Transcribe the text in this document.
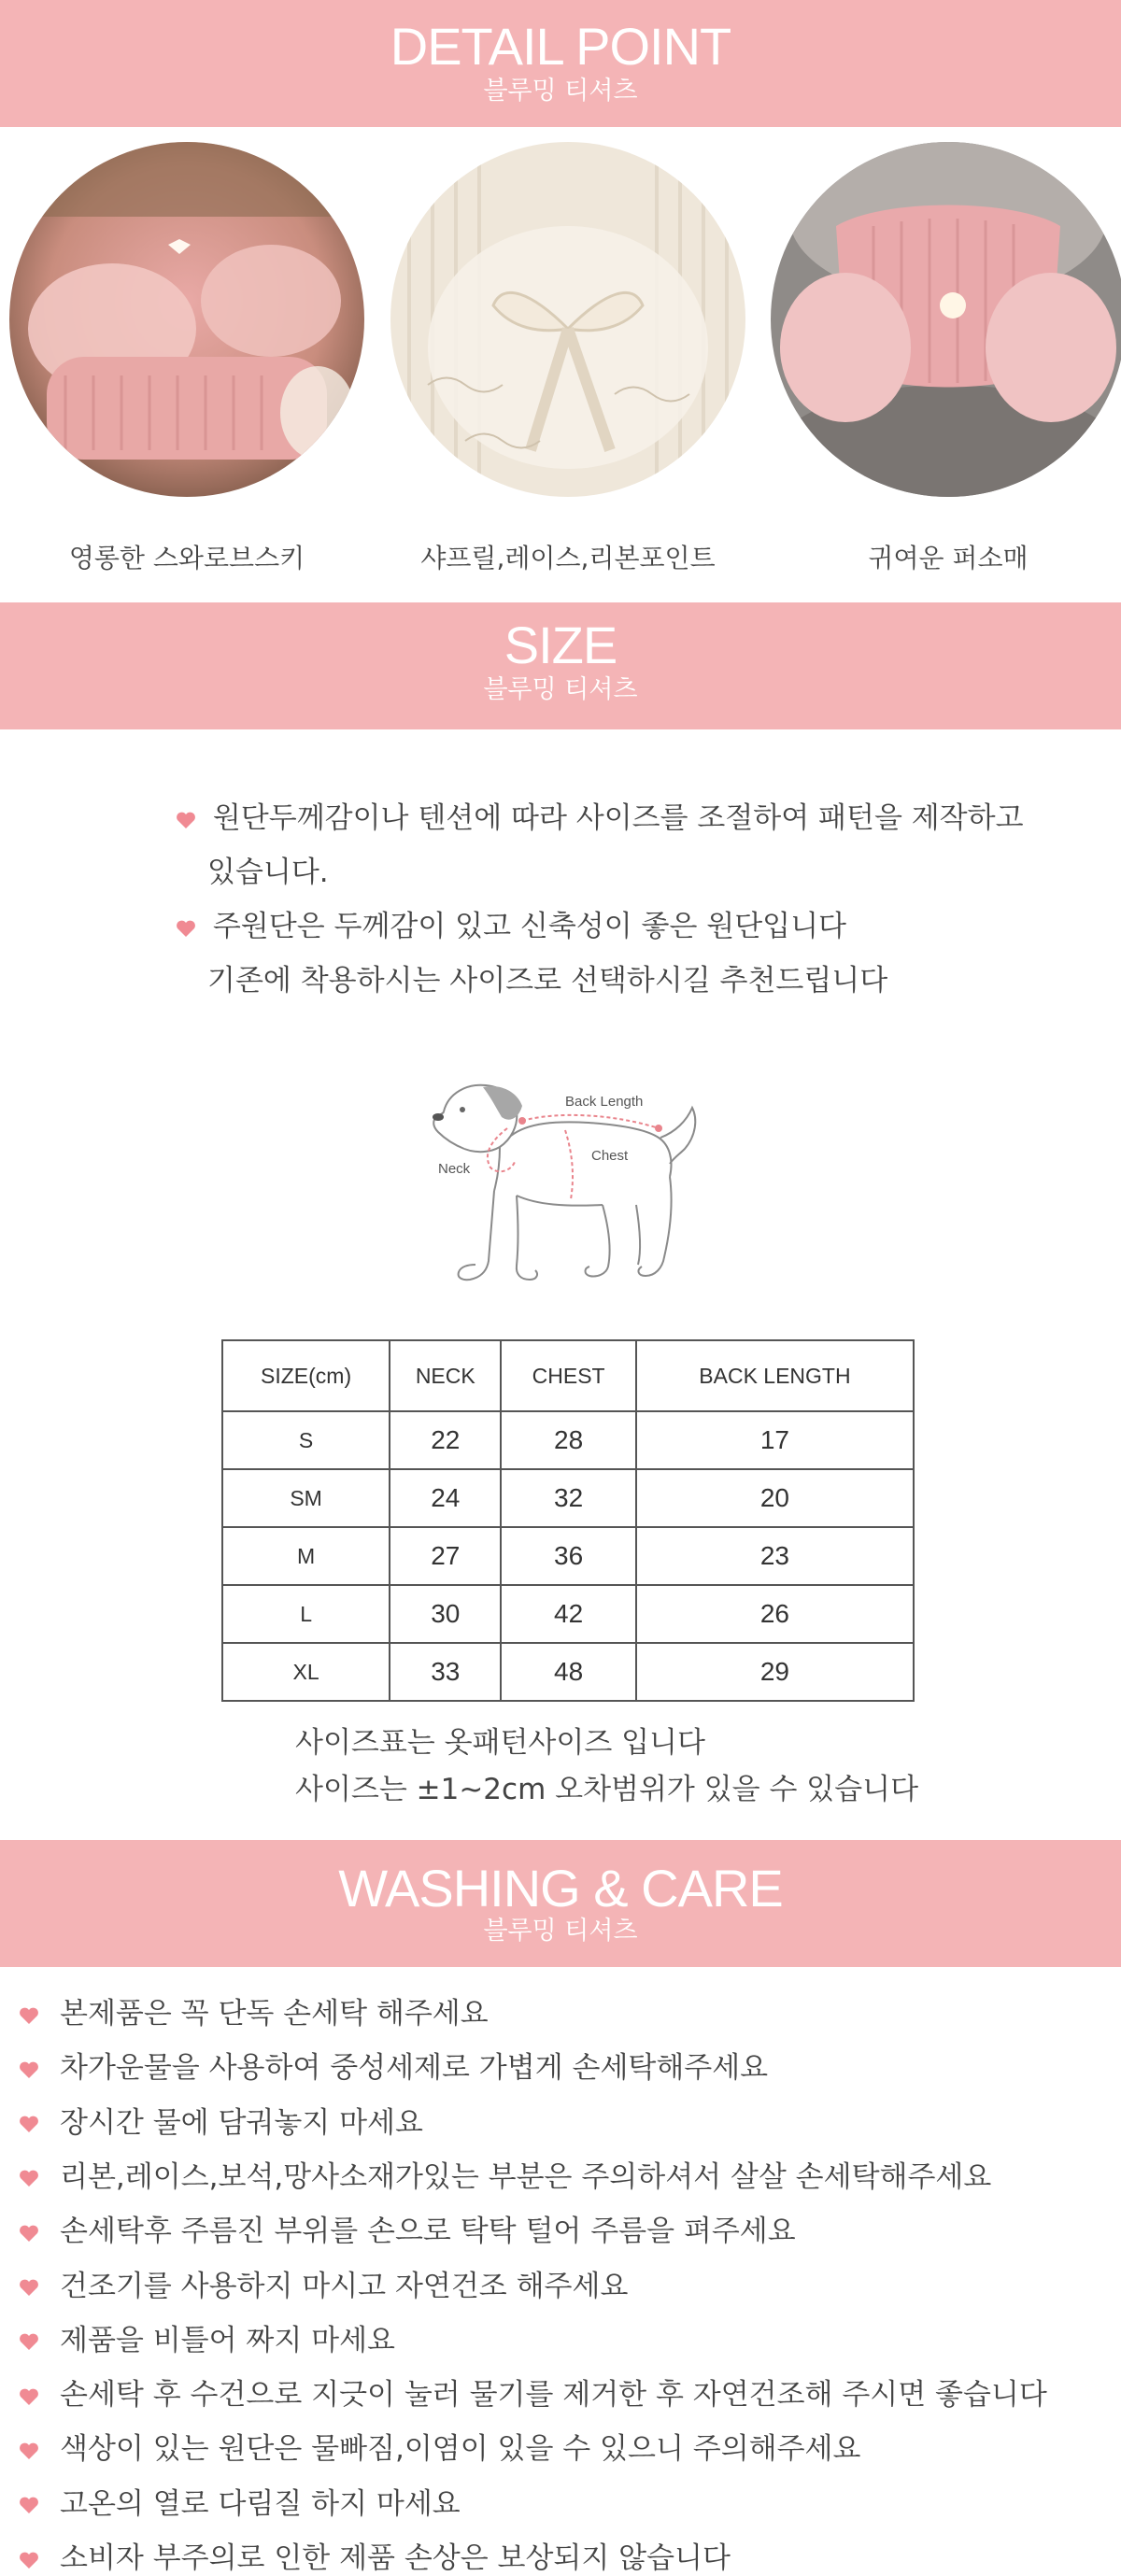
DETAIL POINT
블루밍 티셔츠
영롱한 스와로브스키	샤프릴,레이스,리본포인트	귀여운 퍼소매
SIZE
블루밍 티셔츠
원단두께감이나 텐션에 따라 사이즈를 조절하여 패턴을 제작하고
있습니다.
주원단은 두께감이 있고 신축성이 좋은 원단입니다
기존에 착용하시는 사이즈로 선택하시길 추천드립니다
Back Length
Neck
Chest
SIZE(cm)	NECK	CHEST	BACK LENGTH
S	22	28	17
SM	24	32	20
M	27	36	23
L	30	42	26
XL	33	48	29
사이즈표는 옷패턴사이즈 입니다
사이즈는 ±1~2cm 오차범위가 있을 수 있습니다
WASHING & CARE
블루밍 티셔츠
본제품은 꼭 단독 손세탁 해주세요
차가운물을 사용하여 중성세제로 가볍게 손세탁해주세요
장시간 물에 담궈놓지 마세요
리본,레이스,보석,망사소재가있는 부분은 주의하셔서 살살 손세탁해주세요
손세탁후 주름진 부위를 손으로 탁탁 털어 주름을 펴주세요
건조기를 사용하지 마시고 자연건조 해주세요
제품을 비틀어 짜지 마세요
손세탁 후 수건으로 지긋이 눌러 물기를 제거한 후 자연건조해 주시면 좋습니다
색상이 있는 원단은 물빠짐,이염이 있을 수 있으니 주의해주세요
고온의 열로 다림질 하지 마세요
소비자 부주의로 인한 제품 손상은 보상되지 않습니다
